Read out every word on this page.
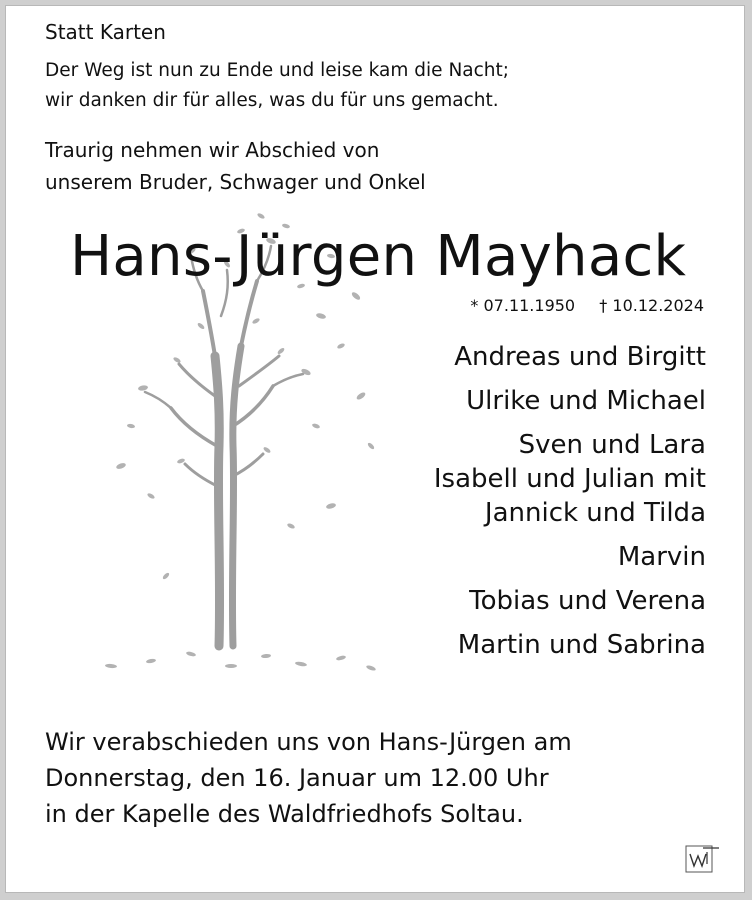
Statt Karten
Der Weg ist nun zu Ende und leise kam die Nacht;
wir danken dir für alles, was du für uns gemacht.
Traurig nehmen wir Abschied von
unserem Bruder, Schwager und Onkel
Hans-Jürgen Mayhack
* 07.11.1950 † 10.12.2024
Andreas und Birgitt
Ulrike und Michael
Sven und Lara
Isabell und Julian mit
Jannick und Tilda
Marvin
Tobias und Verena
Martin und Sabrina
Wir verabschieden uns von Hans-Jürgen am
Donnerstag, den 16. Januar um 12.00 Uhr
in der Kapelle des Waldfriedhofs Soltau.
